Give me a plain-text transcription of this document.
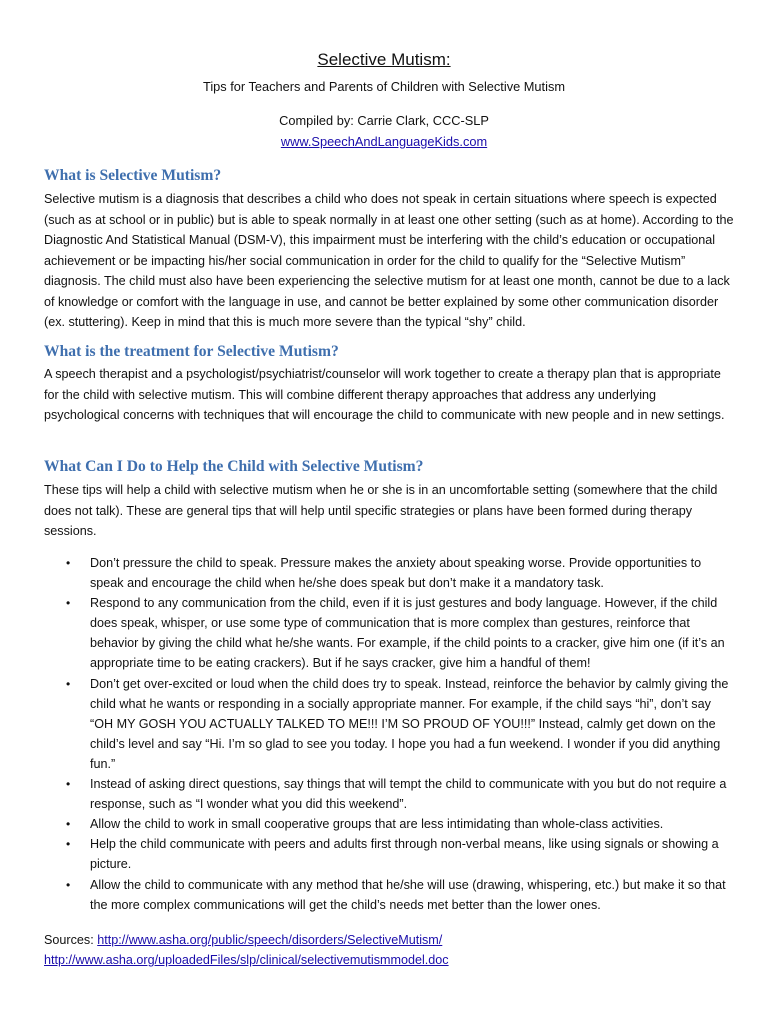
Selective Mutism:

Tips for Teachers and Parents of Children with Selective Mutism

Compiled by: Carrie Clark, CCC-SLP

www.SpeechAndLanguageKids.com

What is Selective Mutism?

Selective mutism is a diagnosis that describes a child who does not speak in certain situations where speech is expected (such as at school or in public) but is able to speak normally in at least one other setting (such as at home). According to the Diagnostic And Statistical Manual (DSM-V), this impairment must be interfering with the child’s education or occupational achievement or be impacting his/her social communication in order for the child to qualify for the “Selective Mutism” diagnosis. The child must also have been experiencing the selective mutism for at least one month, cannot be due to a lack of knowledge or comfort with the language in use, and cannot be better explained by some other communication disorder (ex. stuttering). Keep in mind that this is much more severe than the typical “shy” child.

What is the treatment for Selective Mutism?

A speech therapist and a psychologist/psychiatrist/counselor will work together to create a therapy plan that is appropriate for the child with selective mutism. This will combine different therapy approaches that address any underlying psychological concerns with techniques that will encourage the child to communicate with new people and in new settings.

What Can I Do to Help the Child with Selective Mutism?

These tips will help a child with selective mutism when he or she is in an uncomfortable setting (somewhere that the child does not talk). These are general tips that will help until specific strategies or plans have been formed during therapy sessions.

• Don’t pressure the child to speak. Pressure makes the anxiety about speaking worse. Provide opportunities to speak and encourage the child when he/she does speak but don’t make it a mandatory task.
• Respond to any communication from the child, even if it is just gestures and body language. However, if the child does speak, whisper, or use some type of communication that is more complex than gestures, reinforce that behavior by giving the child what he/she wants. For example, if the child points to a cracker, give him one (if it’s an appropriate time to be eating crackers). But if he says cracker, give him a handful of them!
• Don’t get over-excited or loud when the child does try to speak. Instead, reinforce the behavior by calmly giving the child what he wants or responding in a socially appropriate manner. For example, if the child says “hi”, don’t say “OH MY GOSH YOU ACTUALLY TALKED TO ME!!! I’M SO PROUD OF YOU!!!” Instead, calmly get down on the child’s level and say “Hi. I’m so glad to see you today. I hope you had a fun weekend. I wonder if you did anything fun.”
• Instead of asking direct questions, say things that will tempt the child to communicate with you but do not require a response, such as “I wonder what you did this weekend”.
• Allow the child to work in small cooperative groups that are less intimidating than whole-class activities.
• Help the child communicate with peers and adults first through non-verbal means, like using signals or showing a picture.
• Allow the child to communicate with any method that he/she will use (drawing, whispering, etc.) but make it so that the more complex communications will get the child’s needs met better than the lower ones.

Sources: http://www.asha.org/public/speech/disorders/SelectiveMutism/

http://www.asha.org/uploadedFiles/slp/clinical/selectivemutismmodel.doc
